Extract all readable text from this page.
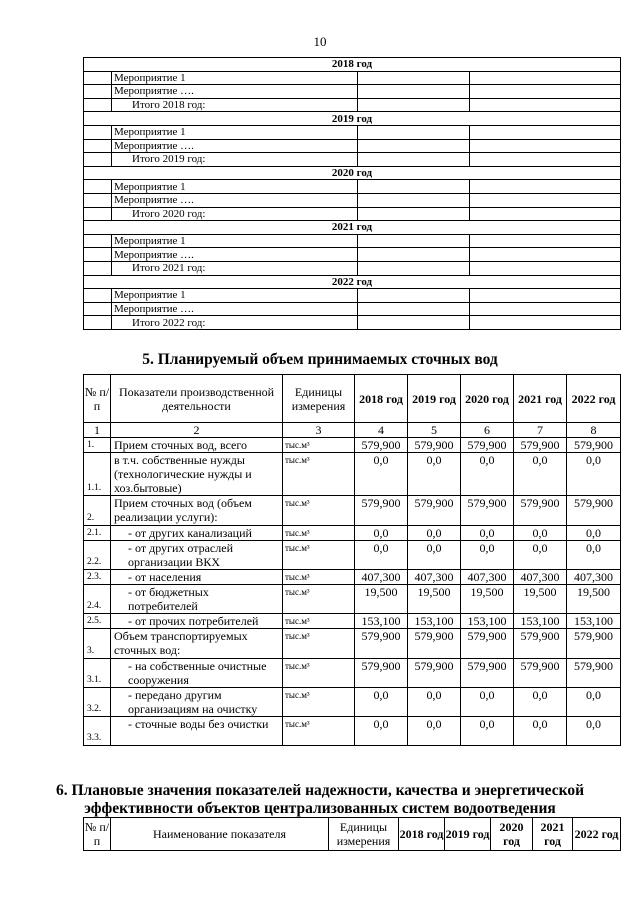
10
2018 год			
	Мероприятие 1		
	Мероприятие ….		
	Итого 2018 год:		
2019 год			
	Мероприятие 1		
	Мероприятие ….		
	Итого 2019 год:		
2020 год			
	Мероприятие 1		
	Мероприятие ….		
	Итого 2020 год:		
2021 год			
	Мероприятие 1		
	Мероприятие ….		
	Итого 2021 год:		
2022 год			
	Мероприятие 1		
	Мероприятие ….		
	Итого 2022 год:		
5. Планируемый объем принимаемых сточных вод
№ п/п	Показатели производственной деятельности	Единицы измерения	2018 год	2019 год	2020 год	2021 год	2022 год
1	2	3	4	5	6	7	8
1.	Прием сточных вод, всего	тыс.м³	579,900	579,900	579,900	579,900	579,900
1.1.	в т.ч. собственные нужды (технологические нужды и хоз.бытовые)	тыс.м³	0,0	0,0	0,0	0,0	0,0
2.	Прием сточных вод (объем реализации услуги):	тыс.м³	579,900	579,900	579,900	579,900	579,900
2.1.	- от других канализаций	тыс.м³	0,0	0,0	0,0	0,0	0,0
2.2.	- от других отраслей организации ВКХ	тыс.м³	0,0	0,0	0,0	0,0	0,0
2.3.	- от населения	тыс.м³	407,300	407,300	407,300	407,300	407,300
2.4.	- от бюджетных потребителей	тыс.м³	19,500	19,500	19,500	19,500	19,500
2.5.	- от прочих потребителей	тыс.м³	153,100	153,100	153,100	153,100	153,100
3.	Объем транспортируемых сточных вод:	тыс.м³	579,900	579,900	579,900	579,900	579,900
3.1.	- на собственные очистные сооружения	тыс.м³	579,900	579,900	579,900	579,900	579,900
3.2.	- передано другим организациям на очистку	тыс.м³	0,0	0,0	0,0	0,0	0,0
3.3.	- сточные воды без очистки	тыс.м³	0,0	0,0	0,0	0,0	0,0
6. Плановые значения показателей надежности, качества и энергетической эффективности объектов централизованных систем водоотведения
№ п/п	Наименование показателя	Единицы измерения	2018 год	2019 год	2020 год	2021 год	2022 год
